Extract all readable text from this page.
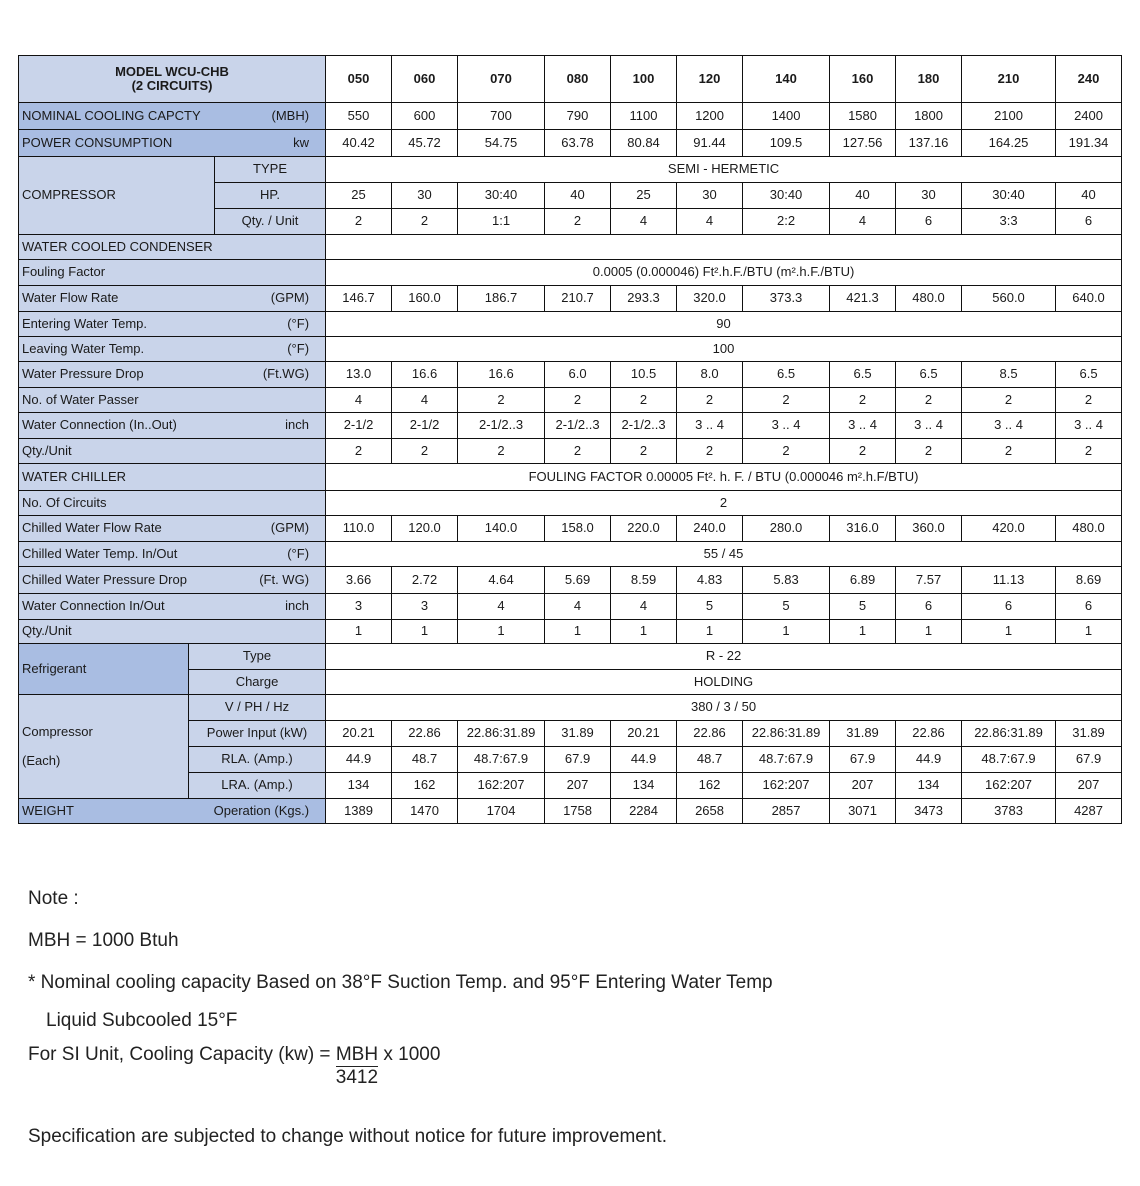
MODEL WCU-CHB
(2 CIRCUITS)			050	060	070	080	100	120	140	160	180	210	240

NOMINAL COOLING CAPCTY (MBH)			550	600	700	790	1100	1200	1400	1580	1800	2100	2400

POWER CONSUMPTION kw			40.42	45.72	54.75	63.78	80.84	91.44	109.5	127.56	137.16	164.25	191.34
COMPRESSOR		TYPE	SEMI - HERMETIC										
		HP.	25	30	30:40	40	25	30	30:40	40	30	30:40	40
		Qty. / Unit	2	2	1:1	2	4	4	2:2	4	6	3:3	6
WATER COOLED CONDENSER													
Fouling Factor			0.0005 (0.000046) Ft².h.F./BTU (m².h.F./BTU)										

Water Flow Rate (GPM)			146.7	160.0	186.7	210.7	293.3	320.0	373.3	421.3	480.0	560.0	640.0

Entering Water Temp. (°F)			90										

Leaving Water Temp. (°F)			100										

Water Pressure Drop (Ft.WG)			13.0	16.6	16.6	6.0	10.5	8.0	6.5	6.5	6.5	8.5	6.5
No. of Water Passer			4	4	2	2	2	2	2	2	2	2	2

Water Connection (In..Out) inch			2-1/2	2-1/2	2-1/2..3	2-1/2..3	2-1/2..3	3 .. 4	3 .. 4	3 .. 4	3 .. 4	3 .. 4	3 .. 4
Qty./Unit			2	2	2	2	2	2	2	2	2	2	2
WATER CHILLER			FOULING FACTOR 0.00005 Ft². h. F. / BTU (0.000046 m².h.F/BTU)										
No. Of Circuits			2										

Chilled Water Flow Rate (GPM)			110.0	120.0	140.0	158.0	220.0	240.0	280.0	316.0	360.0	420.0	480.0

Chilled Water Temp. In/Out (°F)			55 / 45										

Chilled Water Pressure Drop (Ft. WG)			3.66	2.72	4.64	5.69	8.59	4.83	5.83	6.89	7.57	11.13	8.69

Water Connection In/Out inch			3	3	4	4	4	5	5	5	6	6	6
Qty./Unit			1	1	1	1	1	1	1	1	1	1	1
Refrigerant	Type		R - 22										
	Charge		HOLDING										

Compressor
(Each)	V / PH / Hz		380 / 3 / 50										
	Power Input (kW)		20.21	22.86	22.86:31.89	31.89	20.21	22.86	22.86:31.89	31.89	22.86	22.86:31.89	31.89
	RLA. (Amp.)		44.9	48.7	48.7:67.9	67.9	44.9	48.7	48.7:67.9	67.9	44.9	48.7:67.9	67.9
	LRA. (Amp.)		134	162	162:207	207	134	162	162:207	207	134	162:207	207

WEIGHT Operation (Kgs.)			1389	1470	1704	1758	2284	2658	2857	3071	3473	3783	4287
Note :
MBH = 1000 Btuh
* Nominal cooling capacity Based on 38°F Suction Temp. and 95°F Entering Water Temp
Liquid Subcooled 15°F
For SI Unit, Cooling Capacity $(kw) = \frac{\text{MBH}}{3412}$ x 1000
Specification are subjected to change without notice for future improvement.
